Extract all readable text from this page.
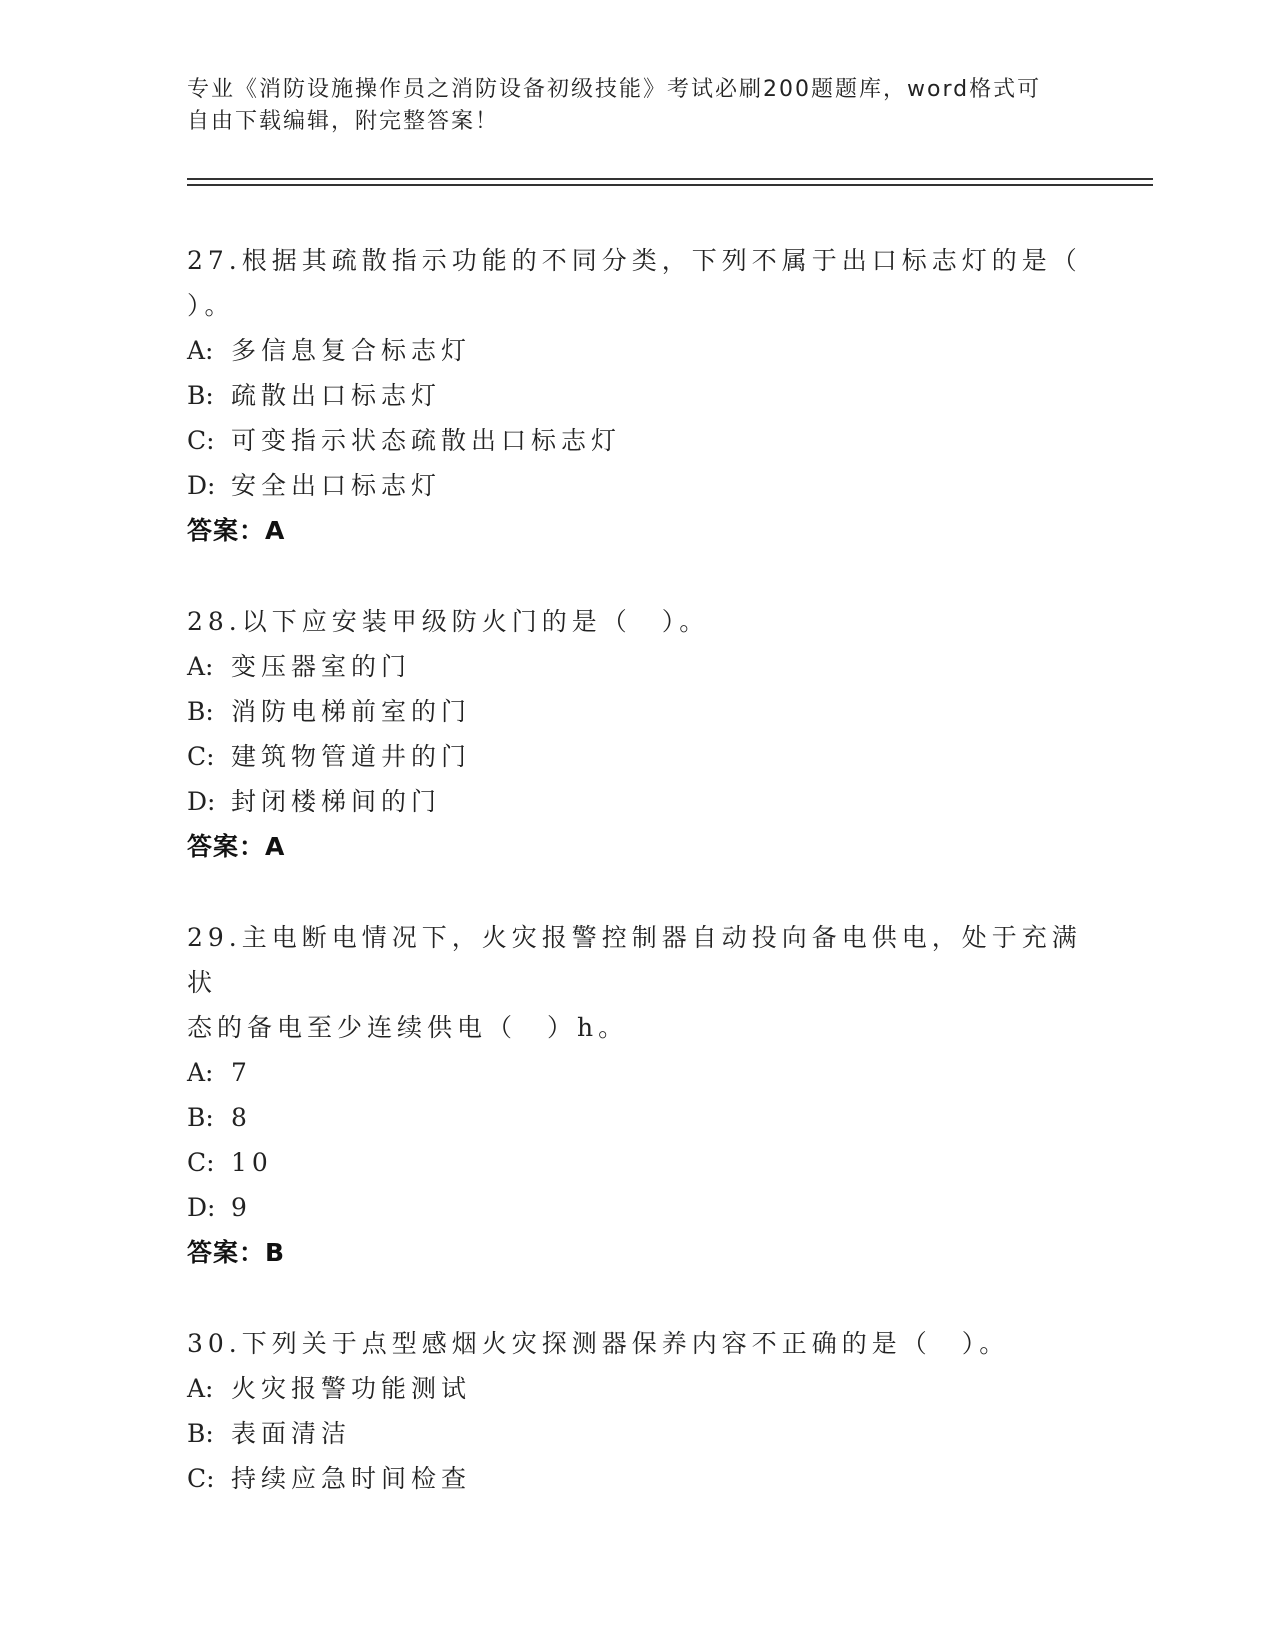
专业《消防设施操作员之消防设备初级技能》考试必刷200题题库，word格式可
自由下载编辑，附完整答案！
27.根据其疏散指示功能的不同分类，下列不属于出口标志灯的是（
）。
A: 多信息复合标志灯
B: 疏散出口标志灯
C: 可变指示状态疏散出口标志灯
D: 安全出口标志灯
答案：A
28.以下应安装甲级防火门的是（　）。
A: 变压器室的门
B: 消防电梯前室的门
C: 建筑物管道井的门
D: 封闭楼梯间的门
答案：A
29.主电断电情况下，火灾报警控制器自动投向备电供电，处于充满状
态的备电至少连续供电（　）h。
A: 7
B: 8
C: 10
D: 9
答案：B
30.下列关于点型感烟火灾探测器保养内容不正确的是（　）。
A: 火灾报警功能测试
B: 表面清洁
C: 持续应急时间检查
